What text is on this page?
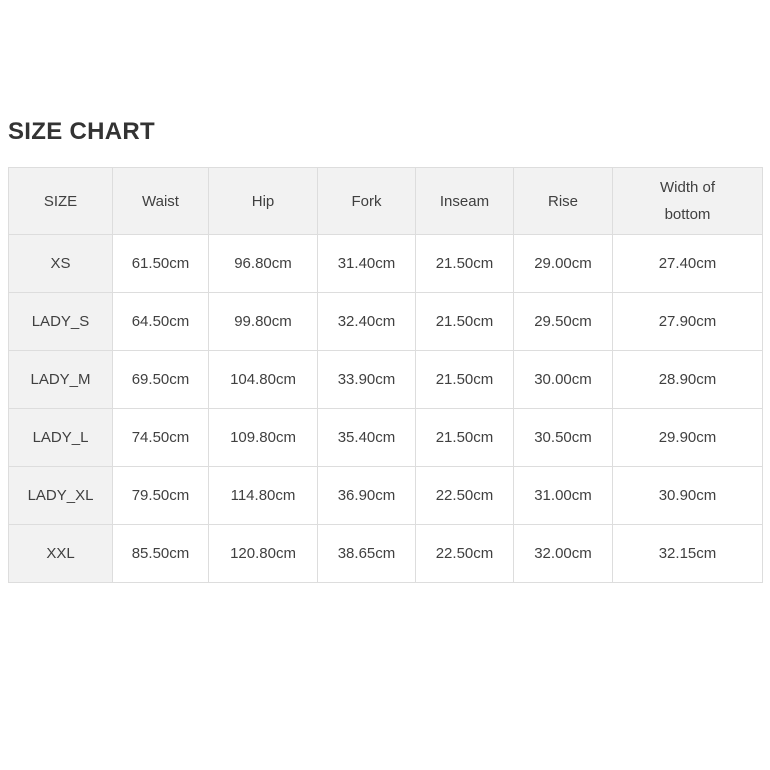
SIZE CHART
SIZE	Waist	Hip	Fork	Inseam	Rise	Width of bottom
XS	61.50cm	96.80cm	31.40cm	21.50cm	29.00cm	27.40cm
LADY_S	64.50cm	99.80cm	32.40cm	21.50cm	29.50cm	27.90cm
LADY_M	69.50cm	104.80cm	33.90cm	21.50cm	30.00cm	28.90cm
LADY_L	74.50cm	109.80cm	35.40cm	21.50cm	30.50cm	29.90cm
LADY_XL	79.50cm	114.80cm	36.90cm	22.50cm	31.00cm	30.90cm
XXL	85.50cm	120.80cm	38.65cm	22.50cm	32.00cm	32.15cm
